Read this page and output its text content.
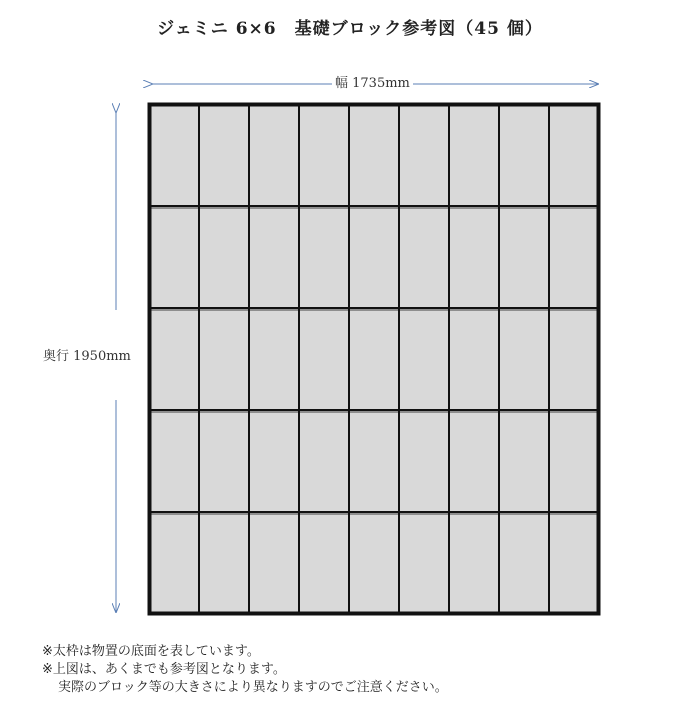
ジェミニ 6×6　基礎ブロック参考図（45 個）
幅 1735mm
奥行 1950mm
※太枠は物置の底面を表しています。
※上図は、あくまでも参考図となります。
実際のブロック等の大きさにより異なりますのでご注意ください。
